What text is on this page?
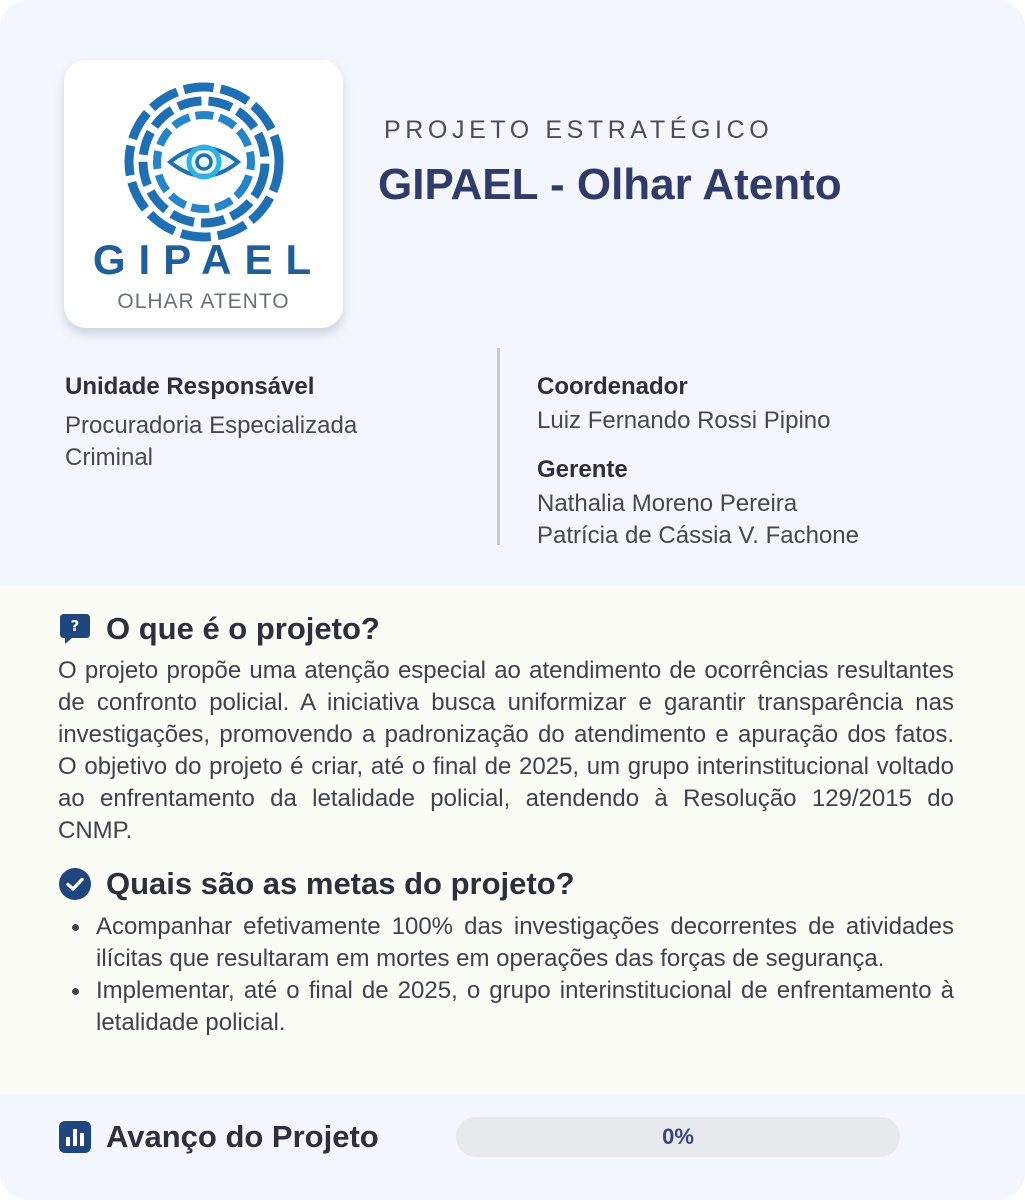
GIPAEL
OLHAR ATENTO
PROJETO ESTRATÉGICO
GIPAEL - Olhar Atento
Unidade Responsável
Procuradoria Especializada
Criminal
Coordenador
Luiz Fernando Rossi Pipino
Gerente
Nathalia Moreno Pereira
Patrícia de Cássia V. Fachone
? O que é o projeto?

O projeto propõe uma atenção especial ao atendimento de ocorrências resultantes de confronto policial. A iniciativa busca uniformizar e garantir transparência nas investigações, promovendo a padronização do atendimento e apuração dos fatos. O objetivo do projeto é criar, até o final de 2025, um grupo interinstitucional voltado ao enfrentamento da letalidade policial, atendendo à Resolução 129/2015 do CNMP.

Quais são as metas do projeto?
Acompanhar efetivamente 100% das investigações decorrentes de atividades ilícitas que resultaram em mortes em operações das forças de segurança.
Implementar, até o final de 2025, o grupo interinstitucional de enfrentamento à letalidade policial.
Avanço do Projeto	0%
